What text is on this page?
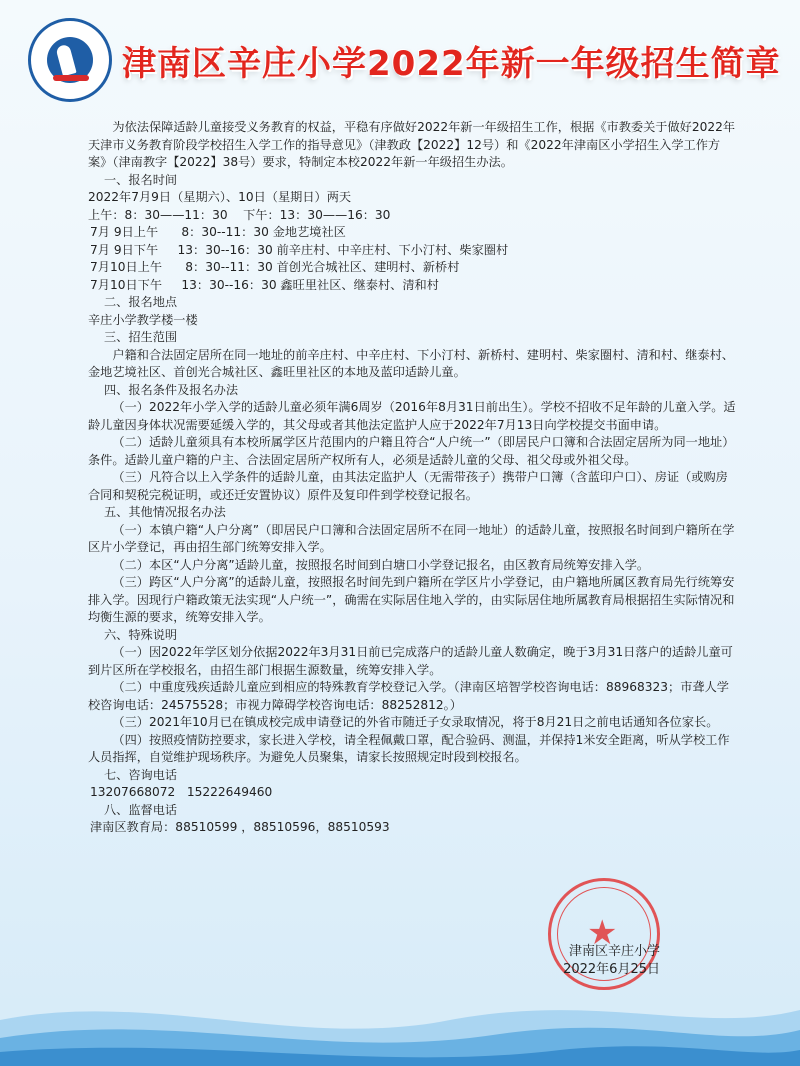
津南区辛庄小学2022年新一年级招生简章

为依法保障适龄儿童接受义务教育的权益，平稳有序做好2022年新一年级招生工作，根据《市教委关于做好2022年天津市义务教育阶段学校招生入学工作的指导意见》（津教政【2022】12号）和《2022年津南区小学招生入学工作方案》（津南教字【2022】38号）要求，特制定本校2022年新一年级招生办法。

一、报名时间

2022年7月9日（星期六）、10日（星期日）两天

上午：8：30——11：30    下午：13：30——16：30

7月 9日上午      8：30--11：30 金地艺境社区

7月 9日下午     13：30--16：30 前辛庄村、中辛庄村、下小汀村、柴家圈村

7月10日上午      8：30--11：30 首创光合城社区、建明村、新桥村

7月10日下午     13：30--16：30 鑫旺里社区、继泰村、清和村

二、报名地点

辛庄小学教学楼一楼

三、招生范围

户籍和合法固定居所在同一地址的前辛庄村、中辛庄村、下小汀村、新桥村、建明村、柴家圈村、清和村、继泰村、金地艺境社区、首创光合城社区、鑫旺里社区的本地及蓝印适龄儿童。

四、报名条件及报名办法

（一）2022年小学入学的适龄儿童必须年满6周岁（2016年8月31日前出生）。学校不招收不足年龄的儿童入学。适龄儿童因身体状况需要延缓入学的，其父母或者其他法定监护人应于2022年7月13日向学校提交书面申请。

（二）适龄儿童须具有本校所属学区片范围内的户籍且符合“人户统一”（即居民户口簿和合法固定居所为同一地址）条件。适龄儿童户籍的户主、合法固定居所产权所有人，必须是适龄儿童的父母、祖父母或外祖父母。

（三）凡符合以上入学条件的适龄儿童，由其法定监护人（无需带孩子）携带户口簿（含蓝印户口）、房证（或购房合同和契税完税证明，或还迁安置协议）原件及复印件到学校登记报名。

五、其他情况报名办法

（一）本镇户籍“人户分离”（即居民户口簿和合法固定居所不在同一地址）的适龄儿童，按照报名时间到户籍所在学区片小学登记，再由招生部门统筹安排入学。

（二）本区“人户分离”适龄儿童，按照报名时间到白塘口小学登记报名，由区教育局统筹安排入学。

（三）跨区“人户分离”的适龄儿童，按照报名时间先到户籍所在学区片小学登记，由户籍地所属区教育局先行统筹安排入学。因现行户籍政策无法实现“人户统一”，确需在实际居住地入学的，由实际居住地所属教育局根据招生实际情况和均衡生源的要求，统筹安排入学。

六、特殊说明

（一）因2022年学区划分依据2022年3月31日前已完成落户的适龄儿童人数确定，晚于3月31日落户的适龄儿童可到片区所在学校报名，由招生部门根据生源数量，统筹安排入学。

（二）中重度残疾适龄儿童应到相应的特殊教育学校登记入学。（津南区培智学校咨询电话：88968323；市聋人学校咨询电话：24575528；市视力障碍学校咨询电话：88252812。）

（三）2021年10月已在镇成校完成申请登记的外省市随迁子女录取情况，将于8月21日之前电话通知各位家长。

（四）按照疫情防控要求，家长进入学校，请全程佩戴口罩，配合验码、测温，并保持1米安全距离，听从学校工作人员指挥，自觉维护现场秩序。为避免人员聚集，请家长按照规定时段到校报名。

七、咨询电话

13207668072   15222649460

八、监督电话

津南区教育局：88510599 ，88510596，88510593

★
津南区辛庄小学
2022年6月25日
